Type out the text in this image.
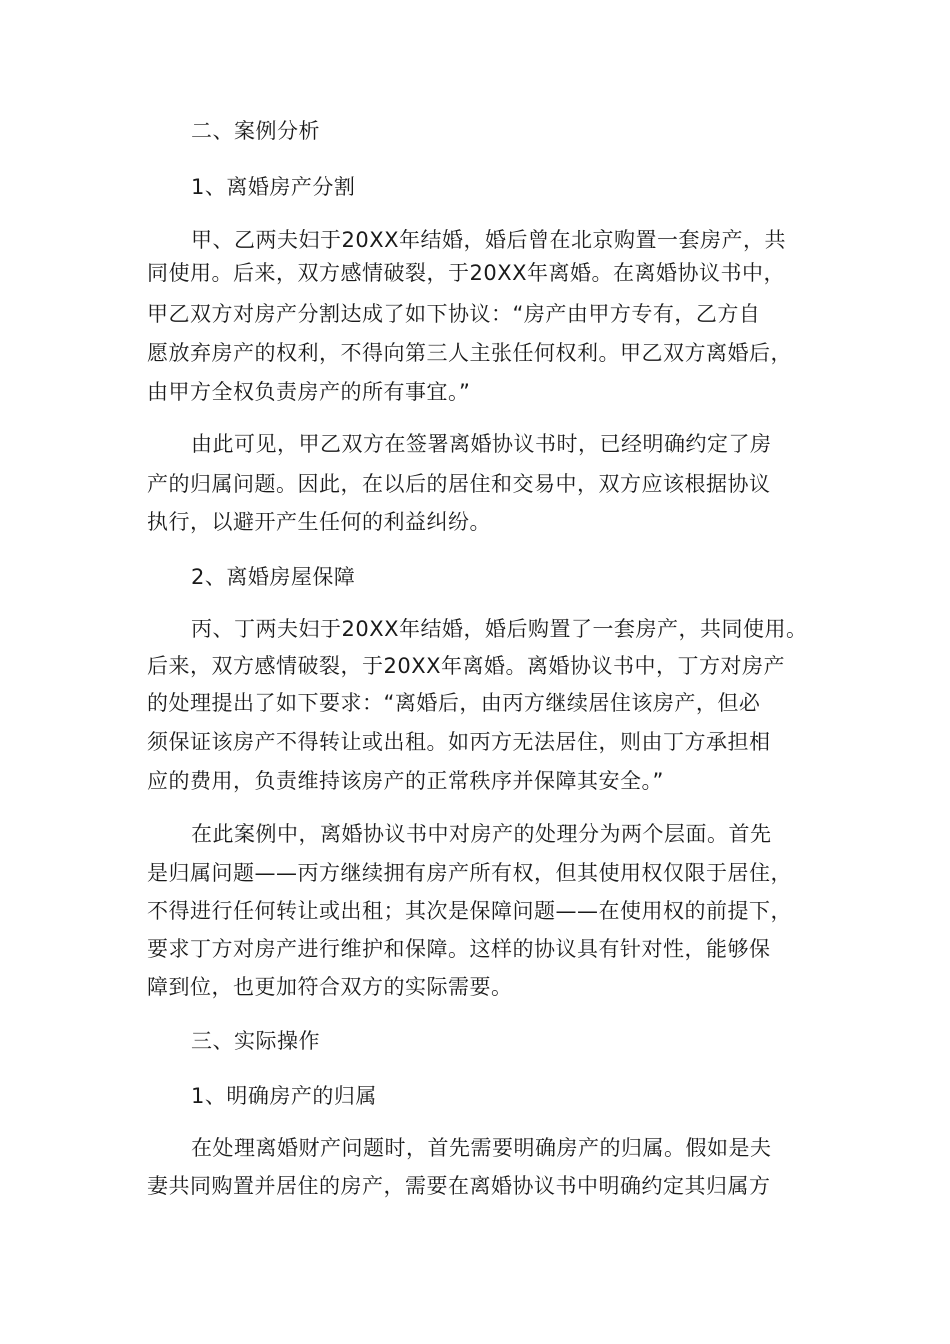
二、案例分析
1、离婚房产分割
甲、乙两夫妇于20XX年结婚，婚后曾在北京购置一套房产，共
同使用。后来，双方感情破裂，于20XX年离婚。在离婚协议书中，
甲乙双方对房产分割达成了如下协议：“房产由甲方专有，乙方自
愿放弃房产的权利，不得向第三人主张任何权利。甲乙双方离婚后，
由甲方全权负责房产的所有事宜。”
由此可见，甲乙双方在签署离婚协议书时，已经明确约定了房
产的归属问题。因此，在以后的居住和交易中，双方应该根据协议
执行，以避开产生任何的利益纠纷。
2、离婚房屋保障
丙、丁两夫妇于20XX年结婚，婚后购置了一套房产，共同使用。
后来，双方感情破裂，于20XX年离婚。离婚协议书中，丁方对房产
的处理提出了如下要求：“离婚后，由丙方继续居住该房产，但必
须保证该房产不得转让或出租。如丙方无法居住，则由丁方承担相
应的费用，负责维持该房产的正常秩序并保障其安全。”
在此案例中，离婚协议书中对房产的处理分为两个层面。首先
是归属问题——丙方继续拥有房产所有权，但其使用权仅限于居住，
不得进行任何转让或出租；其次是保障问题——在使用权的前提下，
要求丁方对房产进行维护和保障。这样的协议具有针对性，能够保
障到位，也更加符合双方的实际需要。
三、实际操作
1、明确房产的归属
在处理离婚财产问题时，首先需要明确房产的归属。假如是夫
妻共同购置并居住的房产，需要在离婚协议书中明确约定其归属方
